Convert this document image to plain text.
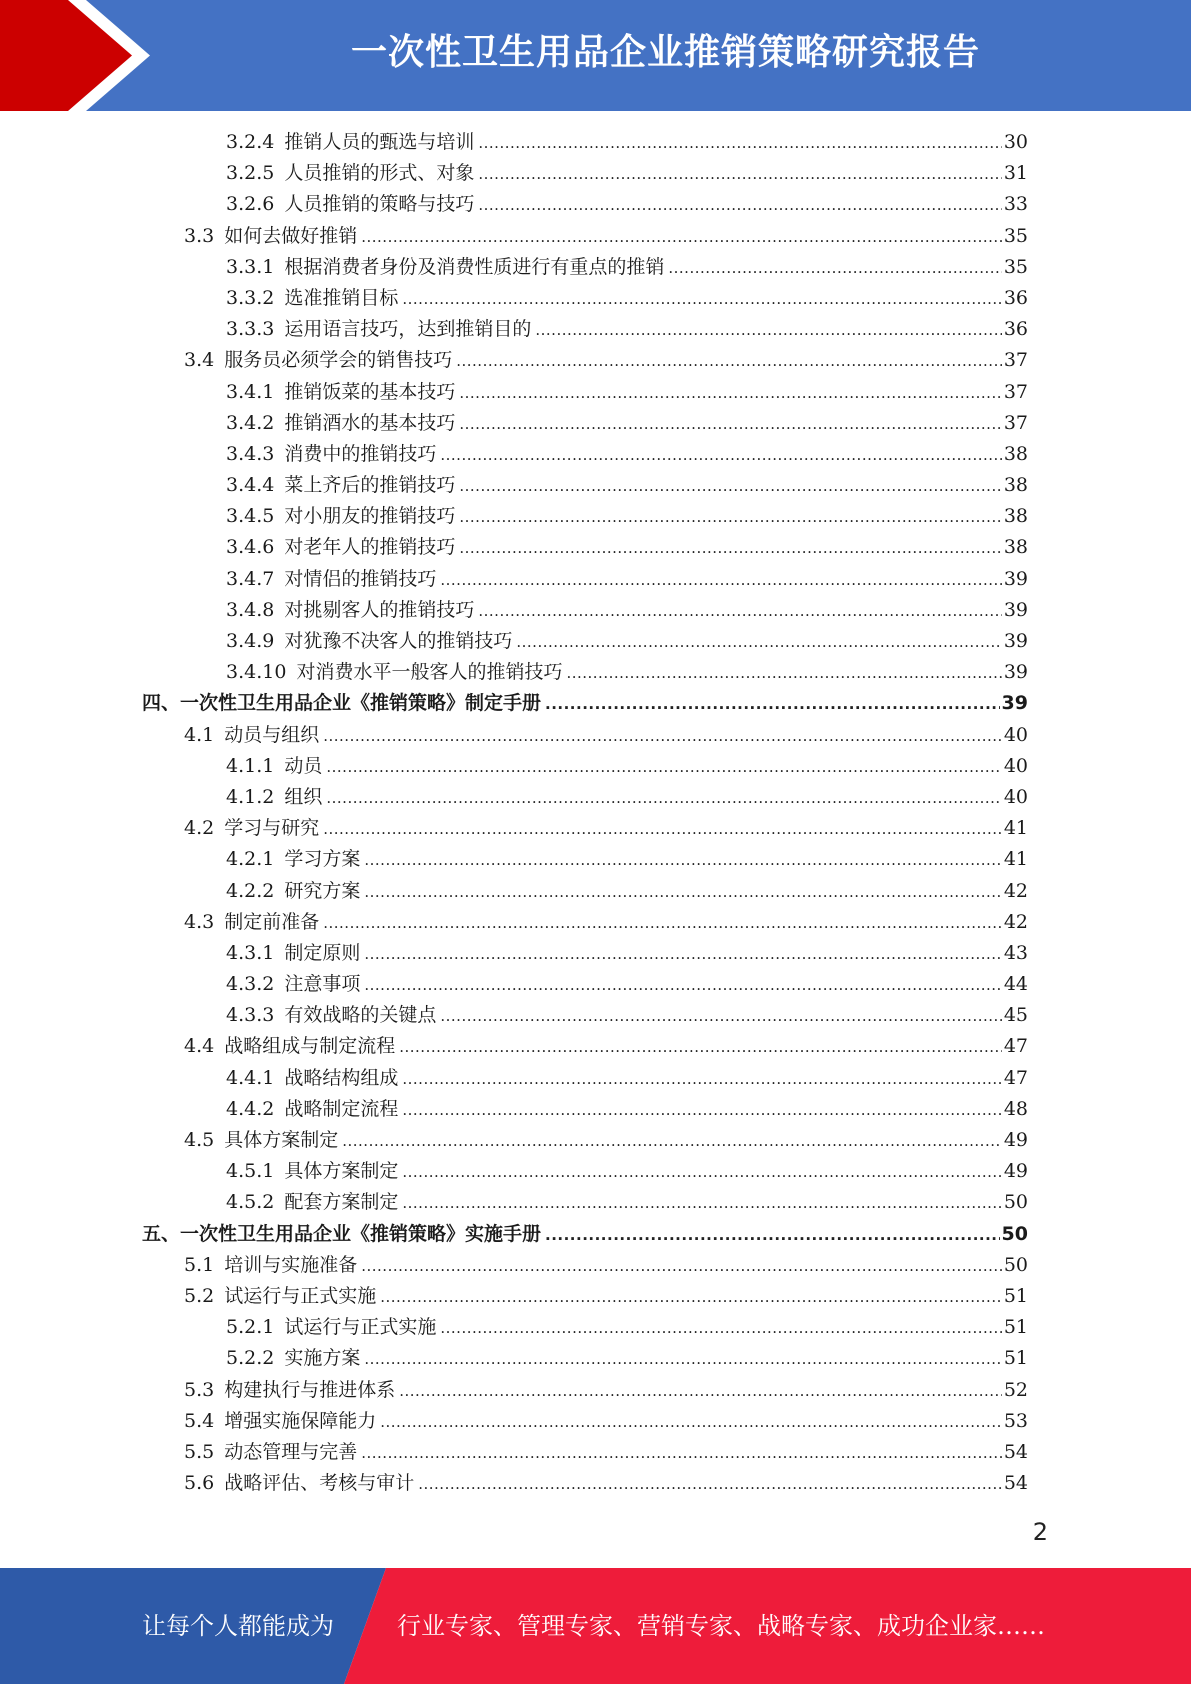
一次性卫生用品企业推销策略研究报告
3.2.4 推销人员的甄选与培训 .....	30
3.2.5 人员推销的形式、对象 .....	31
3.2.6 人员推销的策略与技巧 .....	33
3.3 如何去做好推销 .....	35
3.3.1 根据消费者身份及消费性质进行有重点的推销 .....	35
3.3.2 选准推销目标 .....	36
3.3.3 运用语言技巧，达到推销目的 .....	36
3.4 服务员必须学会的销售技巧 .....	37
3.4.1 推销饭菜的基本技巧 .....	37
3.4.2 推销酒水的基本技巧 .....	37
3.4.3 消费中的推销技巧 .....	38
3.4.4 菜上齐后的推销技巧 .....	38
3.4.5 对小朋友的推销技巧 .....	38
3.4.6 对老年人的推销技巧 .....	38
3.4.7 对情侣的推销技巧 .....	39
3.4.8 对挑剔客人的推销技巧 .....	39
3.4.9 对犹豫不决客人的推销技巧 .....	39
3.4.10 对消费水平一般客人的推销技巧 .....	39
四、一次性卫生用品企业《推销策略》制定手册 .....	39
4.1 动员与组织 .....	40
4.1.1 动员 .....	40
4.1.2 组织 .....	40
4.2 学习与研究 .....	41
4.2.1 学习方案 .....	41
4.2.2 研究方案 .....	42
4.3 制定前准备 .....	42
4.3.1 制定原则 .....	43
4.3.2 注意事项 .....	44
4.3.3 有效战略的关键点 .....	45
4.4 战略组成与制定流程 .....	47
4.4.1 战略结构组成 .....	47
4.4.2 战略制定流程 .....	48
4.5 具体方案制定 .....	49
4.5.1 具体方案制定 .....	49
4.5.2 配套方案制定 .....	50
五、一次性卫生用品企业《推销策略》实施手册 .....	50
5.1 培训与实施准备 .....	50
5.2 试运行与正式实施 .....	51
5.2.1 试运行与正式实施 .....	51
5.2.2 实施方案 .....	51
5.3 构建执行与推进体系 .....	52
5.4 增强实施保障能力 .....	53
5.5 动态管理与完善 .....	54
5.6 战略评估、考核与审计 .....	54
2
让每个人都能成为	行业专家、管理专家、营销专家、战略专家、成功企业家……
